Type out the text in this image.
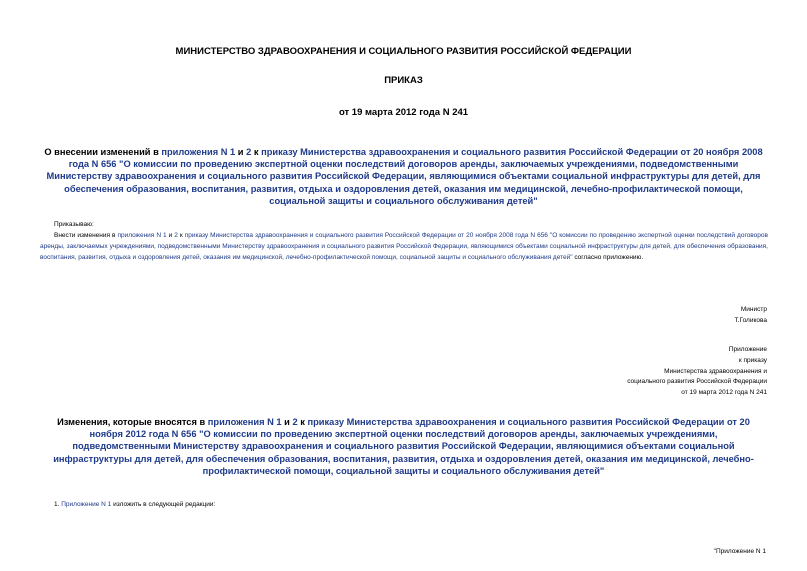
МИНИСТЕРСТВО ЗДРАВООХРАНЕНИЯ И СОЦИАЛЬНОГО РАЗВИТИЯ РОССИЙСКОЙ ФЕДЕРАЦИИ
ПРИКАЗ
от 19 марта 2012 года N 241
О внесении изменений в приложения N 1 и 2 к приказу Министерства здравоохранения и социального развития Российской Федерации от 20 ноября 2008 года N 656 "О комиссии по проведению экспертной оценки последствий договоров аренды, заключаемых учреждениями, подведомственными Министерству здравоохранения и социального развития Российской Федерации, являющимися объектами социальной инфраструктуры для детей, для обеспечения образования, воспитания, развития, отдыха и оздоровления детей, оказания им медицинской, лечебно-профилактической помощи, социальной защиты и социального обслуживания детей"
Приказываю:
Внести изменения в приложения N 1 и 2 к приказу Министерства здравоохранения и социального развития Российской Федерации от 20 ноября 2008 года N 656 "О комиссии по проведению экспертной оценки последствий договоров аренды, заключаемых учреждениями, подведомственными Министерству здравоохранения и социального развития Российской Федерации, являющимися объектами социальной инфраструктуры для детей, для обеспечения образования, воспитания, развития, отдыха и оздоровления детей, оказания им медицинской, лечебно-профилактической помощи, социальной защиты и социального обслуживания детей" согласно приложению.
Министр
Т.Голикова
Приложение
к приказу
Министерства здравоохранения и
социального развития Российской Федерации
от 19 марта 2012 года N 241
Изменения, которые вносятся в приложения N 1 и 2 к приказу Министерства здравоохранения и социального развития Российской Федерации от 20 ноября 2012 года N 656 "О комиссии по проведению экспертной оценки последствий договоров аренды, заключаемых учреждениями, подведомственными Министерству здравоохранения и социального развития Российской Федерации, являющимися объектами социальной инфраструктуры для детей, для обеспечения образования, воспитания, развития, отдыха и оздоровления детей, оказания им медицинской, лечебно-профилактической помощи, социальной защиты и социального обслуживания детей"
1. Приложение N 1 изложить в следующей редакции:
"Приложение N 1
